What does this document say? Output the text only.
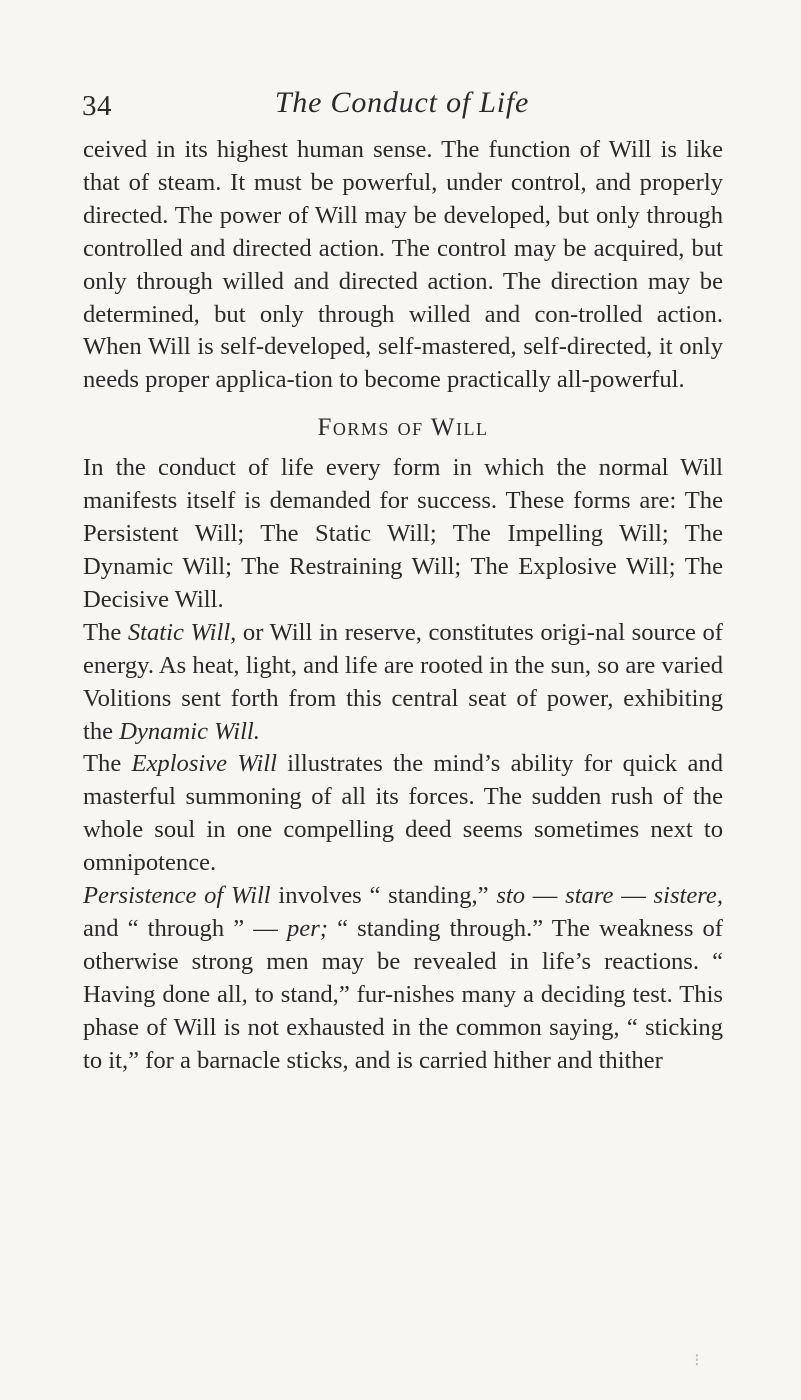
34	The Conduct of Life

ceived in its highest human sense. The function of Will is like that of steam. It must be powerful, under control, and properly directed. The power of Will may be developed, but only through controlled and directed action. The control may be acquired, but only through willed and directed action. The direction may be determined, but only through willed and con-trolled action. When Will is self-developed, self-mastered, self-directed, it only needs proper applica-tion to become practically all-powerful.

Forms of Will

In the conduct of life every form in which the normal Will manifests itself is demanded for success. These forms are: The Persistent Will; The Static Will; The Impelling Will; The Dynamic Will; The Restraining Will; The Explosive Will; The Decisive Will.

The Static Will, or Will in reserve, constitutes origi-nal source of energy. As heat, light, and life are rooted in the sun, so are varied Volitions sent forth from this central seat of power, exhibiting the Dynamic Will.

The Explosive Will illustrates the mind’s ability for quick and masterful summoning of all its forces. The sudden rush of the whole soul in one compelling deed seems sometimes next to omnipotence.

Persistence of Will involves “ standing,” sto — stare — sistere, and “ through ” — per; “ standing through.” The weakness of otherwise strong men may be revealed in life’s reactions. “ Having done all, to stand,” fur-nishes many a deciding test. This phase of Will is not exhausted in the common saying, “ sticking to it,” for a barnacle sticks, and is carried hither and thither

⁝
